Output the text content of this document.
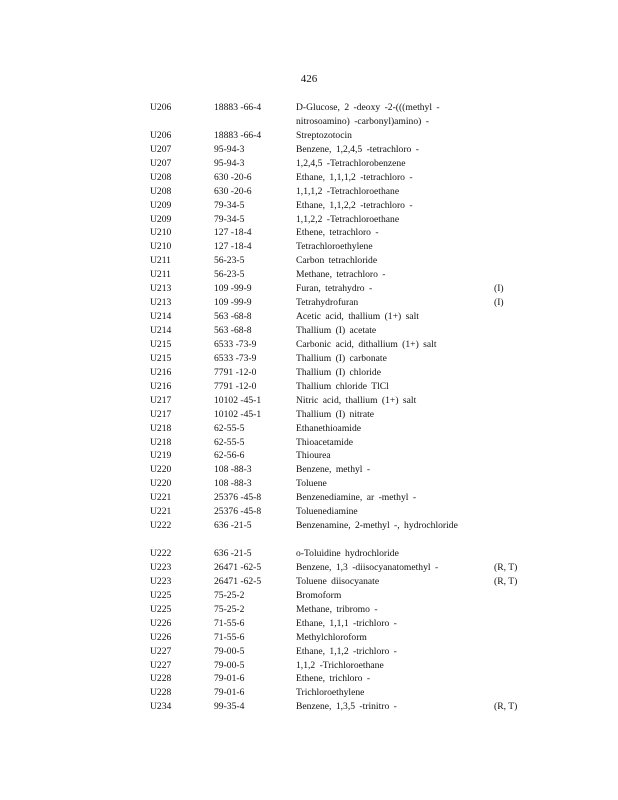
426
U206	18883 -66-4	D-Glucose, 2 -deoxy -2-(((methyl - nitrosoamino) -carbonyl)amino) -
U206	18883 -66-4	Streptozotocin
U207	95-94-3	Benzene, 1,2,4,5 -tetrachloro -
U207	95-94-3	1,2,4,5 -Tetrachlorobenzene
U208	630 -20-6	Ethane, 1,1,1,2 -tetrachloro -
U208	630 -20-6	1,1,1,2 -Tetrachloroethane
U209	79-34-5	Ethane, 1,1,2,2 -tetrachloro -
U209	79-34-5	1,1,2,2 -Tetrachloroethane
U210	127 -18-4	Ethene, tetrachloro -
U210	127 -18-4	Tetrachloroethylene
U211	56-23-5	Carbon tetrachloride
U211	56-23-5	Methane, tetrachloro -
U213	109 -99-9	Furan, tetrahydro -	(I)
U213	109 -99-9	Tetrahydrofuran	(I)
U214	563 -68-8	Acetic acid, thallium (1+) salt
U214	563 -68-8	Thallium (I) acetate
U215	6533 -73-9	Carbonic acid, dithallium (1+) salt
U215	6533 -73-9	Thallium (I) carbonate
U216	7791 -12-0	Thallium (I) chloride
U216	7791 -12-0	Thallium chloride TlCl
U217	10102 -45-1	Nitric acid, thallium (1+) salt
U217	10102 -45-1	Thallium (I) nitrate
U218	62-55-5	Ethanethioamide
U218	62-55-5	Thioacetamide
U219	62-56-6	Thiourea
U220	108 -88-3	Benzene, methyl -
U220	108 -88-3	Toluene
U221	25376 -45-8	Benzenediamine, ar -methyl -
U221	25376 -45-8	Toluenediamine
U222	636 -21-5	Benzenamine, 2-methyl -, hydrochloride
U222	636 -21-5	o-Toluidine hydrochloride
U223	26471 -62-5	Benzene, 1,3 -diisocyanatomethyl -	(R, T)
U223	26471 -62-5	Toluene diisocyanate	(R, T)
U225	75-25-2	Bromoform
U225	75-25-2	Methane, tribromo -
U226	71-55-6	Ethane, 1,1,1 -trichloro -
U226	71-55-6	Methylchloroform
U227	79-00-5	Ethane, 1,1,2 -trichloro -
U227	79-00-5	1,1,2 -Trichloroethane
U228	79-01-6	Ethene, trichloro -
U228	79-01-6	Trichloroethylene
U234	99-35-4	Benzene, 1,3,5 -trinitro -	(R, T)
